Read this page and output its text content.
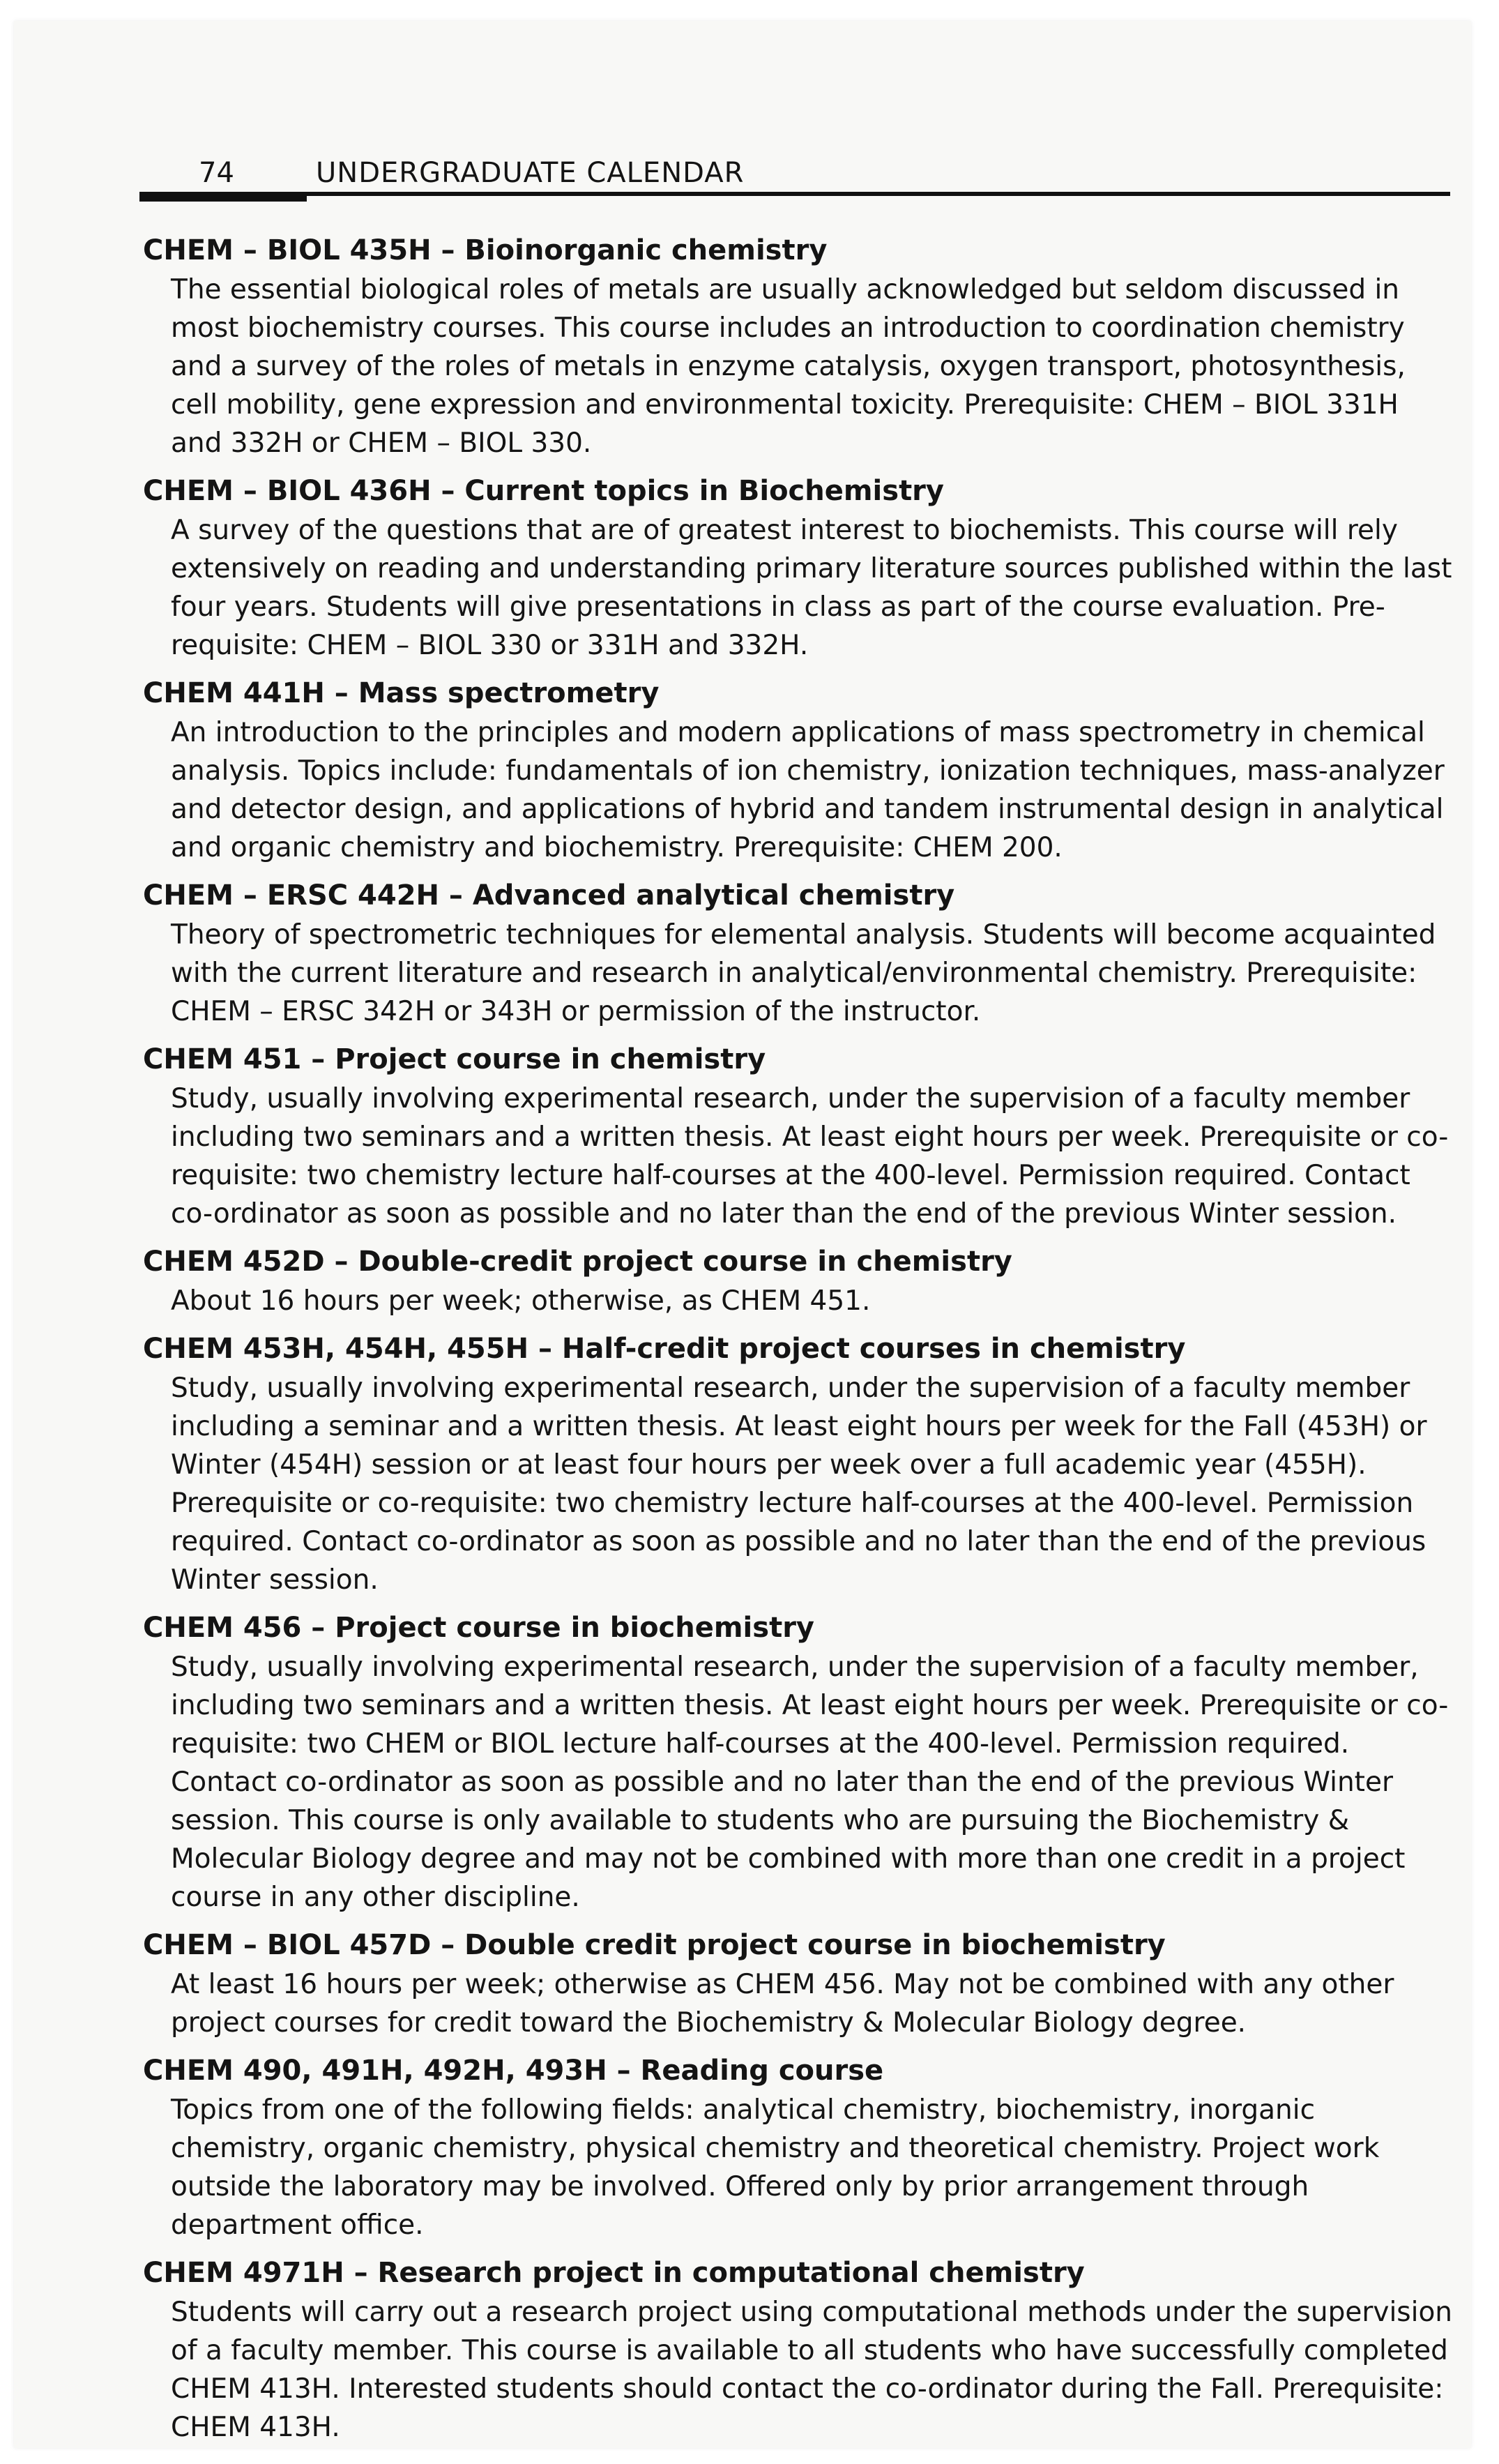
74	UNDERGRADUATE CALENDAR

CHEM – BIOL 435H – Bioinorganic chemistry

The essential biological roles of metals are usually acknowledged but seldom discussed in most biochemistry courses. This course includes an introduction to coordination chemistry and a survey of the roles of metals in enzyme catalysis, oxygen transport, photosynthesis, cell mobility, gene expression and environmental toxicity. Prerequisite: CHEM – BIOL 331H and 332H or CHEM – BIOL 330.

CHEM – BIOL 436H – Current topics in Biochemistry

A survey of the questions that are of greatest interest to biochemists. This course will rely extensively on reading and understanding primary literature sources published within the last four years. Students will give presentations in class as part of the course evaluation. Pre-requisite: CHEM – BIOL 330 or 331H and 332H.

CHEM 441H – Mass spectrometry

An introduction to the principles and modern applications of mass spectrometry in chemical analysis. Topics include: fundamentals of ion chemistry, ionization techniques, mass-analyzer and detector design, and applications of hybrid and tandem instrumental design in analytical and organic chemistry and biochemistry. Prerequisite: CHEM 200.

CHEM – ERSC 442H – Advanced analytical chemistry

Theory of spectrometric techniques for elemental analysis. Students will become acquainted with the current literature and research in analytical/environmental chemistry. Prerequisite: CHEM – ERSC 342H or 343H or permission of the instructor.

CHEM 451 – Project course in chemistry

Study, usually involving experimental research, under the supervision of a faculty member including two seminars and a written thesis. At least eight hours per week. Prerequisite or co-requisite: two chemistry lecture half-courses at the 400-level. Permission required. Contact co-ordinator as soon as possible and no later than the end of the previous Winter session.

CHEM 452D – Double-credit project course in chemistry

About 16 hours per week; otherwise, as CHEM 451.

CHEM 453H, 454H, 455H – Half-credit project courses in chemistry

Study, usually involving experimental research, under the supervision of a faculty member including a seminar and a written thesis. At least eight hours per week for the Fall (453H) or Winter (454H) session or at least four hours per week over a full academic year (455H). Prerequisite or co-requisite: two chemistry lecture half-courses at the 400-level. Permission required. Contact co-ordinator as soon as possible and no later than the end of the previous Winter session.

CHEM 456 – Project course in biochemistry

Study, usually involving experimental research, under the supervision of a faculty member, including two seminars and a written thesis. At least eight hours per week. Prerequisite or co-requisite: two CHEM or BIOL lecture half-courses at the 400-level. Permission required. Contact co-ordinator as soon as possible and no later than the end of the previous Winter session. This course is only available to students who are pursuing the Biochemistry & Molecular Biology degree and may not be combined with more than one credit in a project course in any other discipline.

CHEM – BIOL 457D – Double credit project course in biochemistry

At least 16 hours per week; otherwise as CHEM 456. May not be combined with any other project courses for credit toward the Biochemistry & Molecular Biology degree.

CHEM 490, 491H, 492H, 493H – Reading course

Topics from one of the following fields: analytical chemistry, biochemistry, inorganic chemistry, organic chemistry, physical chemistry and theoretical chemistry. Project work outside the laboratory may be involved. Offered only by prior arrangement through department office.

CHEM 4971H – Research project in computational chemistry

Students will carry out a research project using computational methods under the supervision of a faculty member. This course is available to all students who have successfully completed CHEM 413H. Interested students should contact the co-ordinator during the Fall. Prerequisite: CHEM 413H.
